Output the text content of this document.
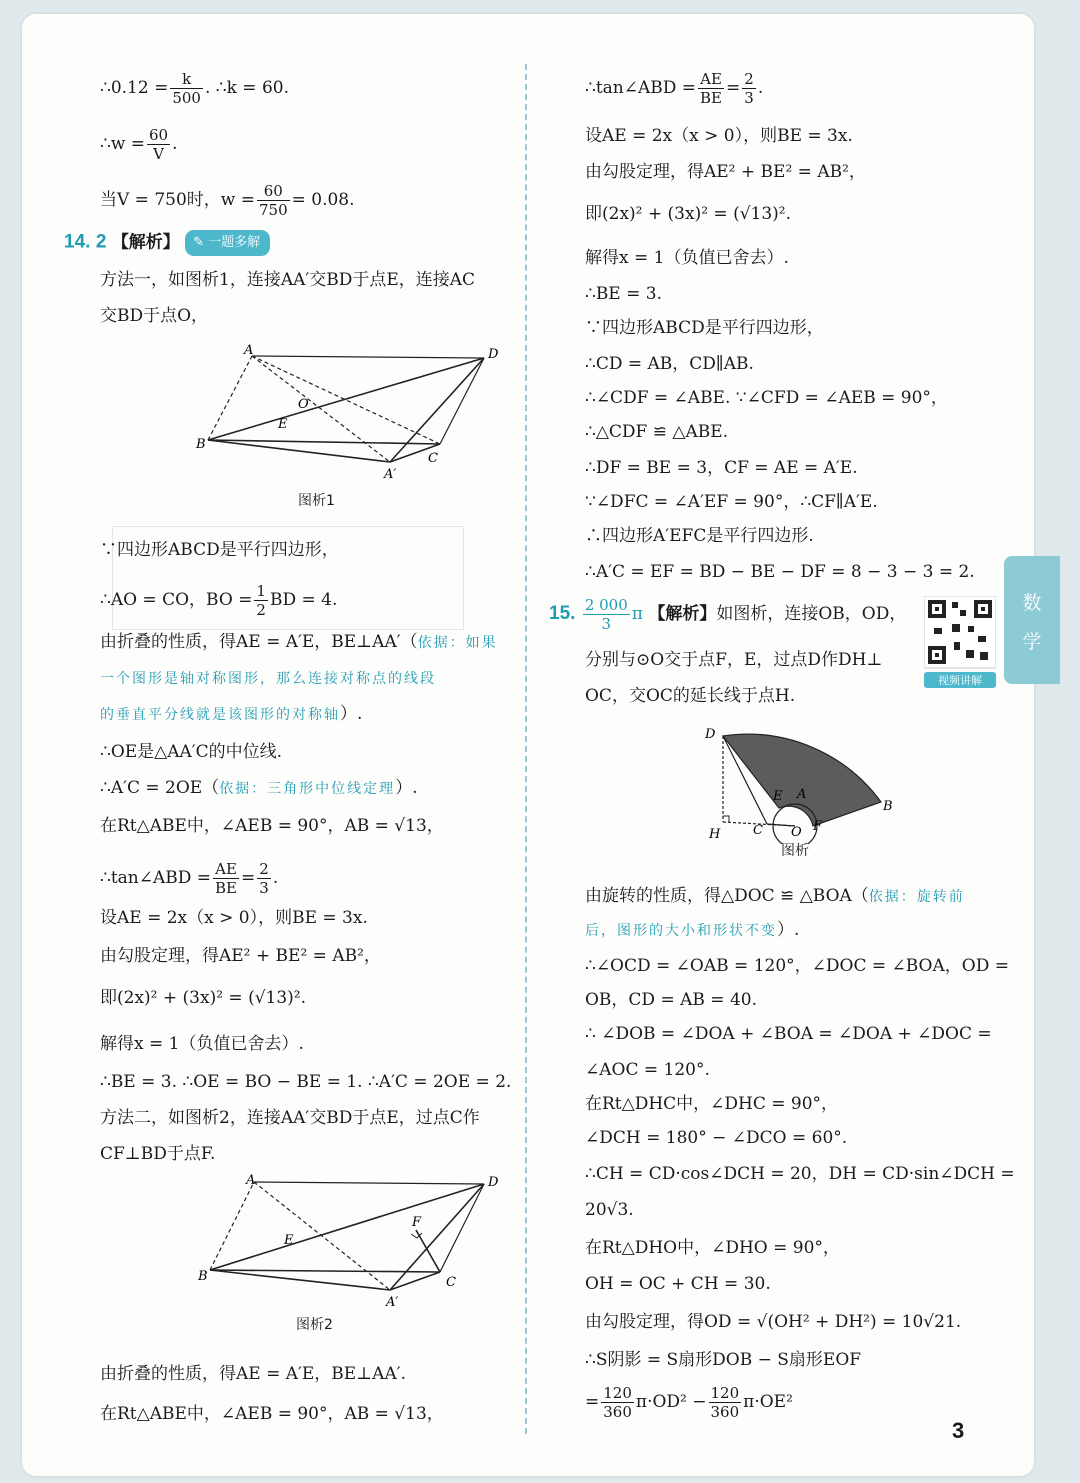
∴0.12 = $\frac{k}{500}$ . ∴k = 60.
∴w = $\frac{60}{V}$ .
当V = 750时，$w = \frac{60}{750} = 0.08$.
14. 2 【解析】 ✎ 一题多解
方法一，如图析1，连接AA′交BD于点E，连接AC
交BD于点O，
A	D
O
E
B
C
A′
图析1
∵四边形ABCD是平行四边形，
∴AO = CO，BO = $\frac{1}{2}$ BD = 4.
由折叠的性质，得AE = A′E，BE⊥AA′（依据：如果
一个图形是轴对称图形，那么连接对称点的线段
的垂直平分线就是该图形的对称轴）.
∴OE是△AA′C的中位线.
∴A′C = 2OE（依据：三角形中位线定理）.
在Rt△ABE中，∠AEB = 90°，AB = √13，
∴tan∠ABD = $\frac{AE}{BE} = \frac{2}{3}$ .
设AE = 2x（x > 0），则BE = 3x.
由勾股定理，得AE² + BE² = AB²，
即(2x)² + (3x)² = (√13)².
解得x = 1（负值已舍去）.
∴BE = 3. ∴OE = BO − BE = 1. ∴A′C = 2OE = 2.
方法二，如图析2，连接AA′交BD于点E，过点C作
CF⊥BD于点F.
A	D
F
E
B	C
A′
图析2
由折叠的性质，得AE = A′E，BE⊥AA′.
在Rt△ABE中，∠AEB = 90°，AB = √13，
∴tan∠ABD = $\frac{AE}{BE} = \frac{2}{3}$ .
设AE = 2x（x > 0），则BE = 3x.
由勾股定理，得AE² + BE² = AB²，
即(2x)² + (3x)² = (√13)².
解得x = 1（负值已舍去）.
∴BE = 3.
∵四边形ABCD是平行四边形，
∴CD = AB，CD∥AB.
∴∠CDF = ∠ABE. ∵∠CFD = ∠AEB = 90°，
∴△CDF ≌ △ABE.
∴DF = BE = 3，CF = AE = A′E.
∵∠DFC = ∠A′EF = 90°，∴CF∥A′E.
∴四边形A′EFC是平行四边形.
∴A′C = EF = BD − BE − DF = 8 − 3 − 3 = 2.
15. $\frac{2 000}{3}$ π 【解析】如图析，连接OB，OD，
分别与⊙O交于点F，E，过点D作DH⊥
OC，交OC的延长线于点H.
D
E A
B
H	C O F
图析
由旋转的性质，得△DOC ≌ △BOA（依据：旋转前
后，图形的大小和形状不变）.
∴∠OCD = ∠OAB = 120°，∠DOC = ∠BOA，OD =
OB，CD = AB = 40.
∴ ∠DOB = ∠DOA + ∠BOA = ∠DOA + ∠DOC =
∠AOC = 120°.
在Rt△DHC中，∠DHC = 90°，
∠DCH = 180° − ∠DCO = 60°.
∴CH = CD·cos∠DCH = 20，DH = CD·sin∠DCH =
20√3.
在Rt△DHO中，∠DHO = 90°，
OH = OC + CH = 30.
由勾股定理，得OD = √(OH² + DH²) = 10√21.
∴S阴影 = S扇形DOB − S扇形EOF
= $\frac{120}{360} \pi\cdot OD^2 - \frac{120}{360} \pi\cdot OE^2$
视频讲解
数
学
3
